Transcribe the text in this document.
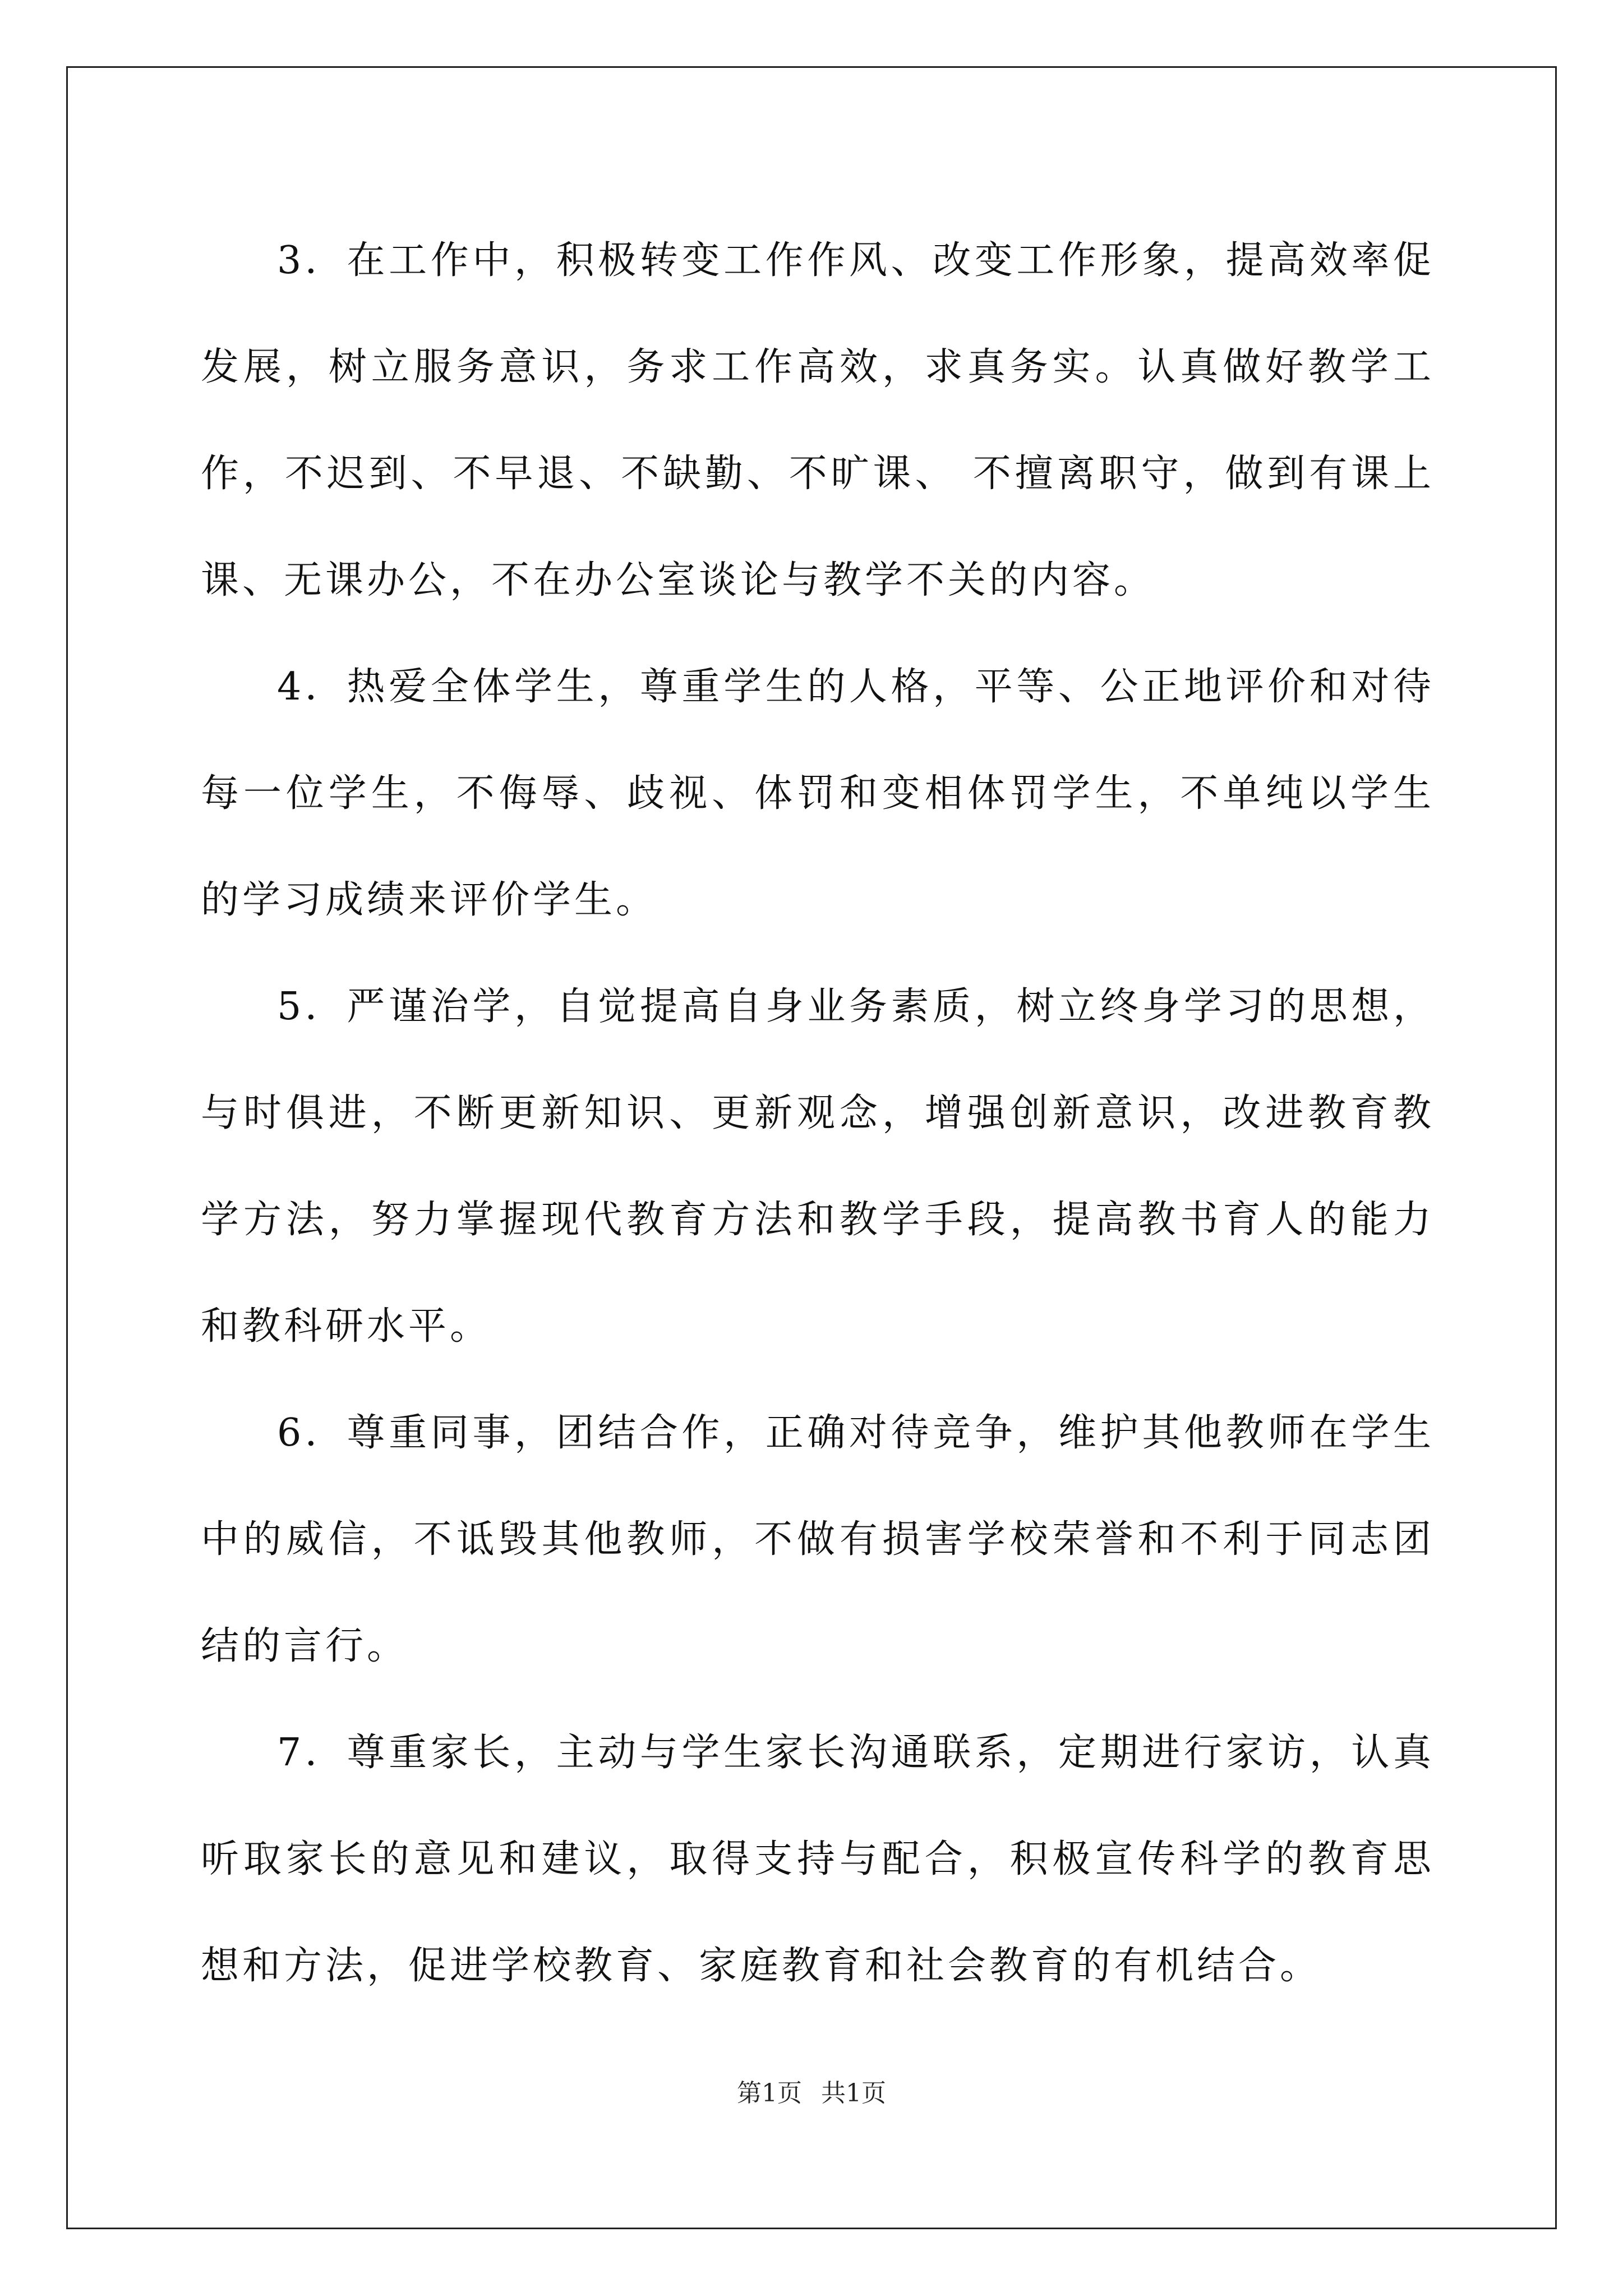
3．在工作中，积极转变工作作风、改变工作形象，提高效率促发展，树立服务意识，务求工作高效，求真务实。认真做好教学工作，不迟到、不早退、不缺勤、不旷课、 不擅离职守，做到有课上课、无课办公，不在办公室谈论与教学不关的内容。

4．热爱全体学生，尊重学生的人格，平等、公正地评价和对待每一位学生，不侮辱、歧视、体罚和变相体罚学生，不单纯以学生的学习成绩来评价学生。

5．严谨治学，自觉提高自身业务素质，树立终身学习的思想，与时俱进，不断更新知识、更新观念，增强创新意识，改进教育教学方法，努力掌握现代教育方法和教学手段，提高教书育人的能力和教科研水平。

6．尊重同事，团结合作，正确对待竞争，维护其他教师在学生中的威信，不诋毁其他教师，不做有损害学校荣誉和不利于同志团结的言行。

7．尊重家长，主动与学生家长沟通联系，定期进行家访，认真听取家长的意见和建议，取得支持与配合，积极宣传科学的教育思想和方法，促进学校教育、家庭教育和社会教育的有机结合。

第1页 共1页
